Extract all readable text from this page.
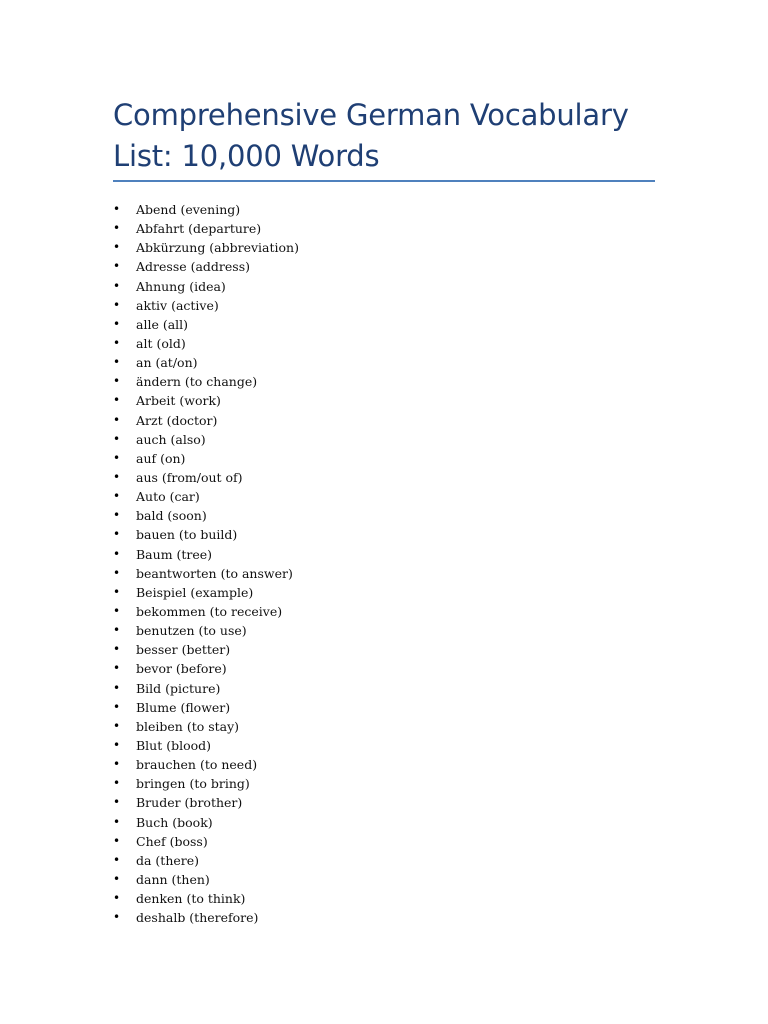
Comprehensive German Vocabulary List: 10,000 Words
• Abend (evening)
• Abfahrt (departure)
• Abkürzung (abbreviation)
• Adresse (address)
• Ahnung (idea)
• aktiv (active)
• alle (all)
• alt (old)
• an (at/on)
• ändern (to change)
• Arbeit (work)
• Arzt (doctor)
• auch (also)
• auf (on)
• aus (from/out of)
• Auto (car)
• bald (soon)
• bauen (to build)
• Baum (tree)
• beantworten (to answer)
• Beispiel (example)
• bekommen (to receive)
• benutzen (to use)
• besser (better)
• bevor (before)
• Bild (picture)
• Blume (flower)
• bleiben (to stay)
• Blut (blood)
• brauchen (to need)
• bringen (to bring)
• Bruder (brother)
• Buch (book)
• Chef (boss)
• da (there)
• dann (then)
• denken (to think)
• deshalb (therefore)
